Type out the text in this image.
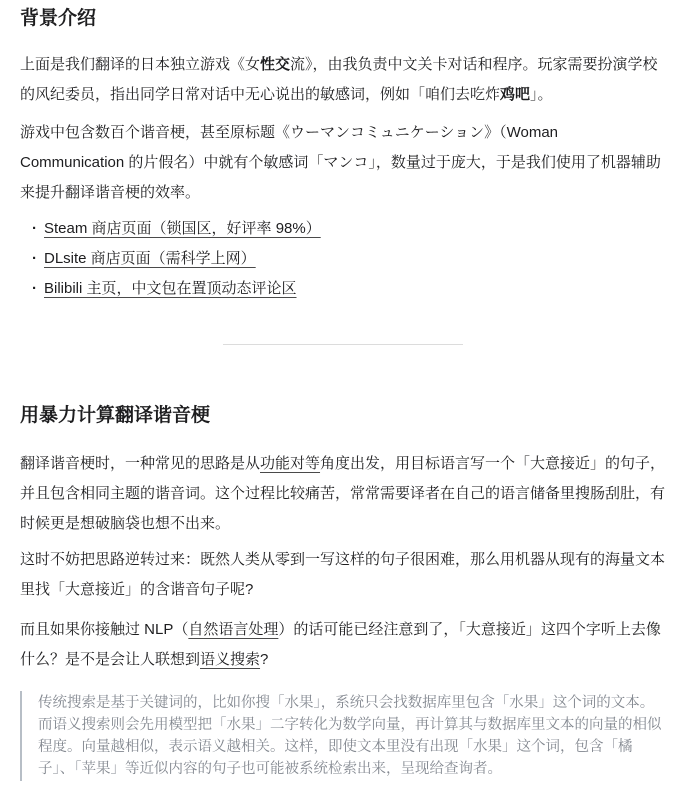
背景介绍

上面是我们翻译的日本独立游戏《女性交流》，由我负责中文关卡对话和程序。玩家需要扮演学校的风纪委员，指出同学日常对话中无心说出的敏感词，例如「咱们去吃炸鸡吧」。

游戏中包含数百个谐音梗，甚至原标题《ウーマンコミュニケーション》（Woman Communication 的片假名）中就有个敏感词「マンコ」，数量过于庞大，于是我们使用了机器辅助来提升翻译谐音梗的效率。

· Steam 商店页面（锁国区，好评率 98%）
· DLsite 商店页面（需科学上网）
· Bilibili 主页，中文包在置顶动态评论区
用暴力计算翻译谐音梗

翻译谐音梗时，一种常见的思路是从功能对等角度出发，用目标语言写一个「大意接近」的句子，并且包含相同主题的谐音词。这个过程比较痛苦，常常需要译者在自己的语言储备里搜肠刮肚，有时候更是想破脑袋也想不出来。

这时不妨把思路逆转过来：既然人类从零到一写这样的句子很困难，那么用机器从现有的海量文本里找「大意接近」的含谐音句子呢?

而且如果你接触过 NLP（自然语言处理）的话可能已经注意到了，「大意接近」这四个字听上去像什么？是不是会让人联想到语义搜索?

传统搜索是基于关键词的，比如你搜「水果」，系统只会找数据库里包含「水果」这个词的文本。而语义搜索则会先用模型把「水果」二字转化为数学向量，再计算其与数据库里文本的向量的相似程度。向量越相似，表示语义越相关。这样，即使文本里没有出现「水果」这个词，包含「橘子」、「苹果」等近似内容的句子也可能被系统检索出来，呈现给查询者。
